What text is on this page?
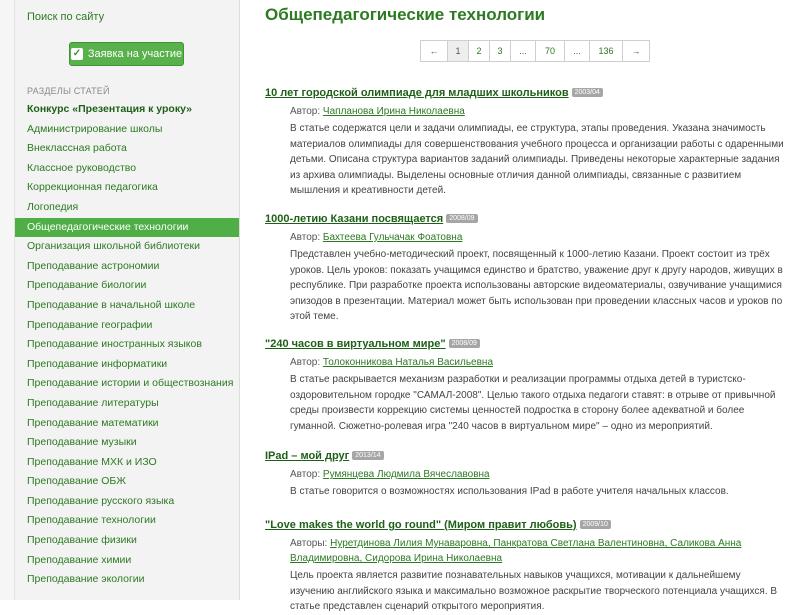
Поиск по сайту
✓ Заявка на участие
РАЗДЕЛЫ СТАТЕЙ
Конкурс «Презентация к уроку»
Администрирование школы
Внеклассная работа
Классное руководство
Коррекционная педагогика
Логопедия
Общепедагогические технологии
Организация школьной библиотеки
Преподавание астрономии
Преподавание биологии
Преподавание в начальной школе
Преподавание географии
Преподавание иностранных языков
Преподавание информатики
Преподавание истории и обществознания
Преподавание литературы
Преподавание математики
Преподавание музыки
Преподавание МХК и ИЗО
Преподавание ОБЖ
Преподавание русского языка
Преподавание технологии
Преподавание физики
Преподавание химии
Преподавание экологии
Общепедагогические технологии
←	1	2	3	...	70	...	136	→
10 лет городской олимпиаде для младших школьников 2003/04
Автор: Чапланова Ирина Николаевна
В статье содержатся цели и задачи олимпиады, ее структура, этапы проведения. Указана значимость материалов олимпиады для совершенствования учебного процесса и организации работы с одаренными детьми. Описана структура вариантов заданий олимпиады. Приведены некоторые характерные задания из архива олимпиады. Выделены основные отличия данной олимпиады, связанные с развитием мышления и креативности детей.
1000-летию Казани посвящается 2008/09
Автор: Бахтеева Гульчачак Фоатовна
Представлен учебно-методический проект, посвященный к 1000-летию Казани. Проект состоит из трёх уроков. Цель уроков: показать учащимся единство и братство, уважение друг к другу народов, живущих в республике. При разработке проекта использованы авторские видеоматериалы, озвучивание учащимися эпизодов в презентации. Материал может быть использован при проведении классных часов и уроков по этой теме.
"240 часов в виртуальном мире" 2008/09
Автор: Толоконникова Наталья Васильевна
В статье раскрывается механизм разработки и реализации программы отдыха детей в туристско-оздоровительном городке "САМАЛ-2008". Целью такого отдыха педагоги ставят: в отрыве от привычной среды произвести коррекцию системы ценностей подростка в сторону более адекватной и более гуманной. Сюжетно-ролевая игра "240 часов в виртуальном мире" – одно из мероприятий.
IPad – мой друг 2013/14
Автор: Румянцева Людмила Вячеславовна
В статье говорится о возможностях использования IPad в работе учителя начальных классов.
"Love makes the world go round" (Миром правит любовь) 2009/10
Авторы: Нуретдинова Лилия Мунаваровна, Панкратова Светлана Валентиновна, Саликова Анна Владимировна, Сидорова Ирина Николаевна
Цель проекта является развитие познавательных навыков учащихся, мотивации к дальнейшему изучению английского языка и максимально возможное раскрытие творческого потенциала учащихся. В статье представлен сценарий открытого мероприятия.
